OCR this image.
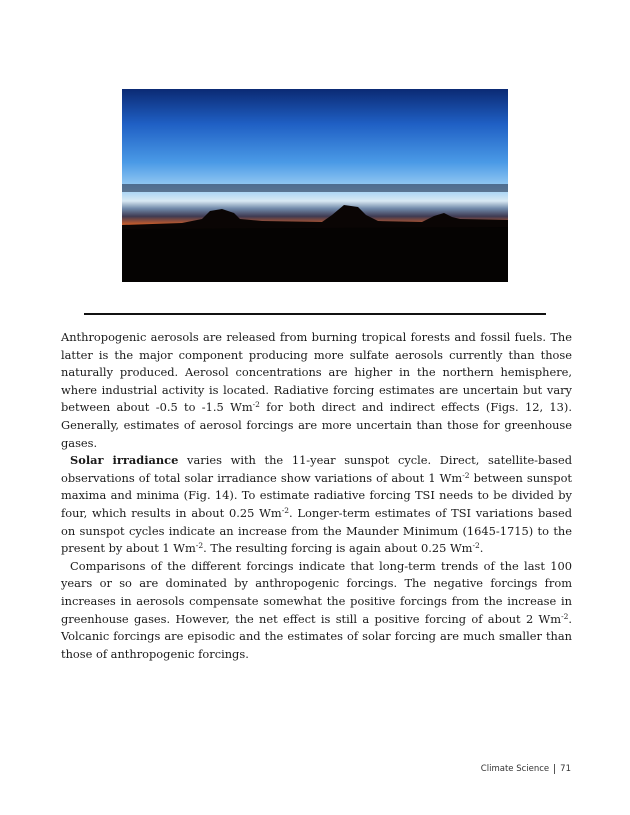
Anthropogenic aerosols are released from burning tropical forests and fossil fuels. The latter is the major component producing more sulfate aerosols currently than those naturally produced. Aerosol concentrations are higher in the northern hemisphere, where industrial activity is located. Radiative forcing estimates are uncertain but vary between about -0.5 to -1.5 $Wm^{-2}$ for both direct and indirect effects (Figs. 12, 13). Generally, estimates of aerosol forcings are more uncertain than those for greenhouse gases.

Solar irradiance varies with the 11-year sunspot cycle. Direct, satellite-based observations of total solar irradiance show variations of about 1 $Wm^{-2}$ between sunspot maxima and minima (Fig. 14). To estimate radiative forcing TSI needs to be divided by four, which results in about 0.25 $Wm^{-2}$. Longer-term estimates of TSI variations based on sunspot cycles indicate an increase from the Maunder Minimum (1645-1715) to the present by about 1 $Wm^{-2}$. The resulting forcing is again about 0.25 $Wm^{-2}$.

Comparisons of the different forcings indicate that long-term trends of the last 100 years or so are dominated by anthropogenic forcings. The negative forcings from increases in aerosols compensate somewhat the positive forcings from the increase in greenhouse gases. However, the net effect is still a positive forcing of about 2 $Wm^{-2}$. Volcanic forcings are episodic and the estimates of solar forcing are much smaller than those of anthropogenic forcings.

Climate Science 71
